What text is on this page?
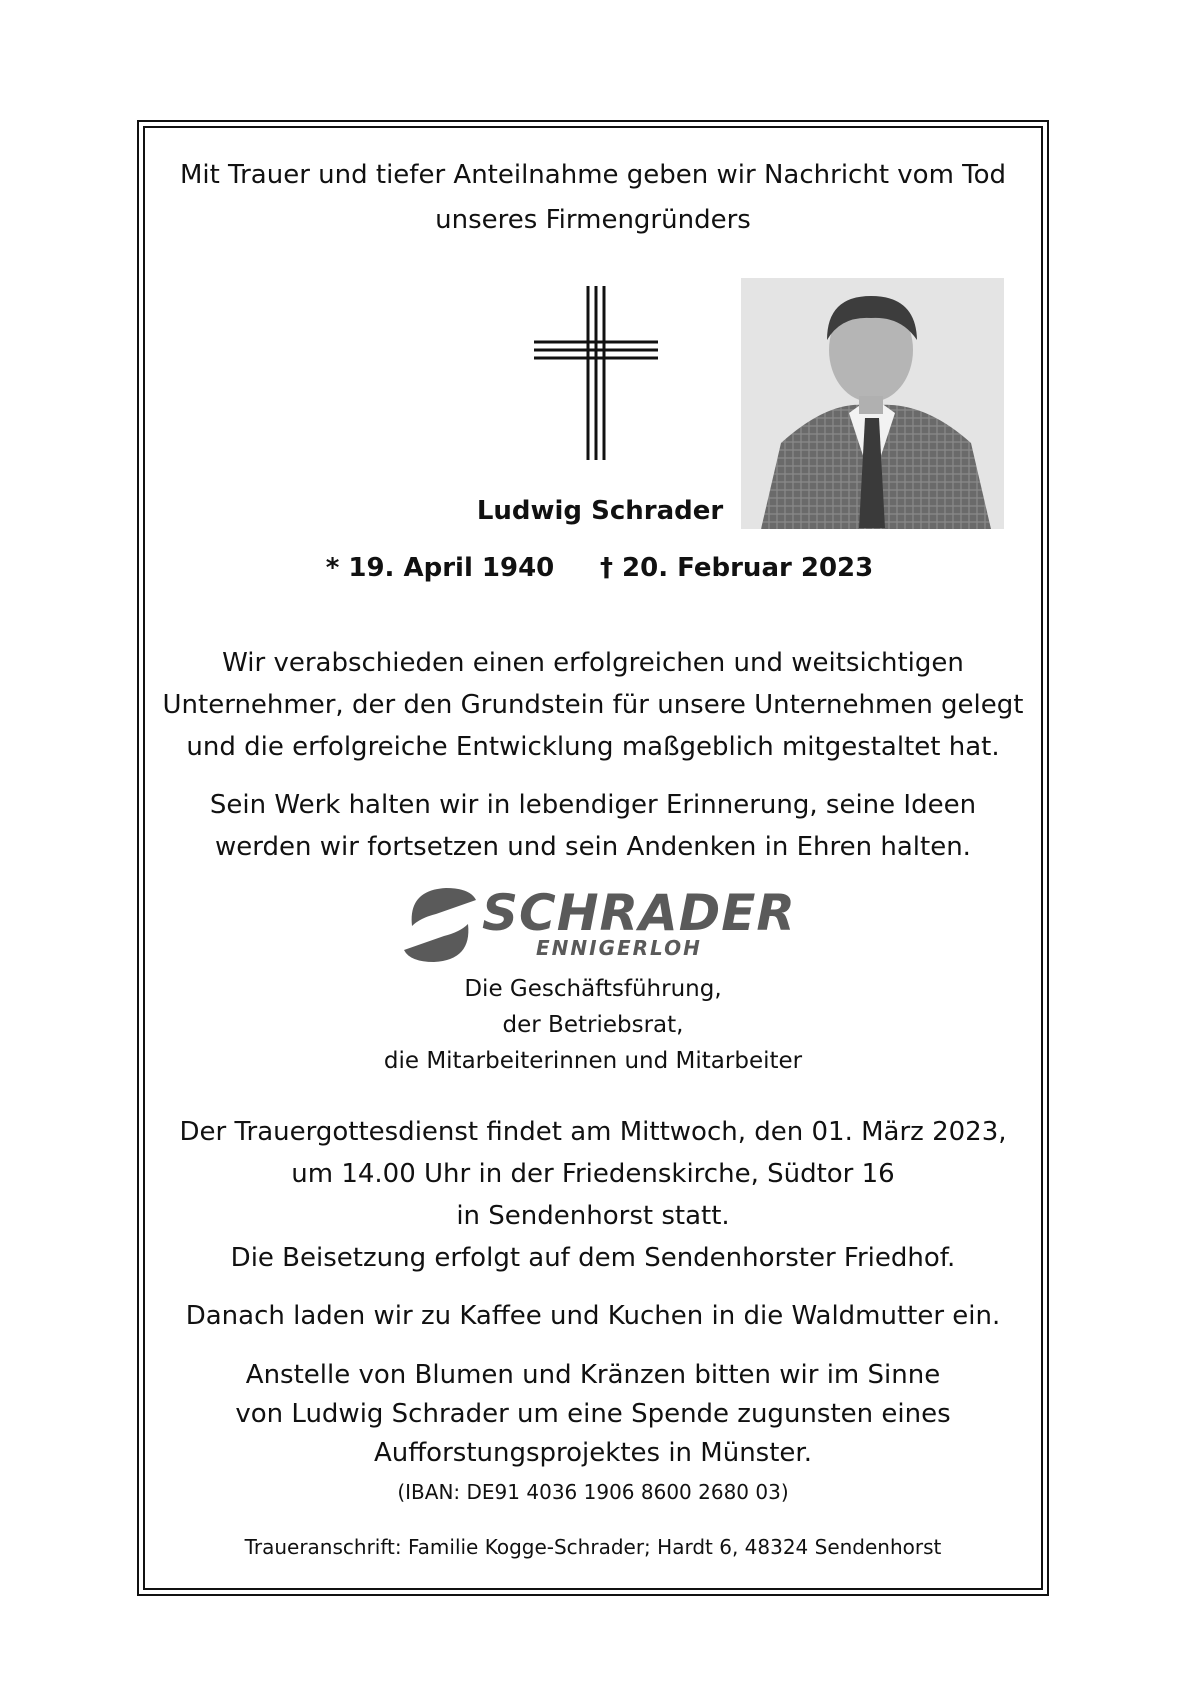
Mit Trauer und tiefer Anteilnahme geben wir Nachricht vom Tod
unseres Firmengründers
Ludwig Schrader
* 19. April 1940	† 20. Februar 2023
Wir verabschieden einen erfolgreichen und weitsichtigen
Unternehmer, der den Grundstein für unsere Unternehmen gelegt
und die erfolgreiche Entwicklung maßgeblich mitgestaltet hat.
Sein Werk halten wir in lebendiger Erinnerung, seine Ideen
werden wir fortsetzen und sein Andenken in Ehren halten.
SCHRADER
ENNIGERLOH
Die Geschäftsführung,
der Betriebsrat,
die Mitarbeiterinnen und Mitarbeiter
Der Trauergottesdienst findet am Mittwoch, den 01. März 2023,
um 14.00 Uhr in der Friedenskirche, Südtor 16
in Sendenhorst statt.
Die Beisetzung erfolgt auf dem Sendenhorster Friedhof.
Danach laden wir zu Kaffee und Kuchen in die Waldmutter ein.
Anstelle von Blumen und Kränzen bitten wir im Sinne
von Ludwig Schrader um eine Spende zugunsten eines
Aufforstungsprojektes in Münster.
(IBAN: DE91 4036 1906 8600 2680 03)
Traueranschrift: Familie Kogge-Schrader; Hardt 6, 48324 Sendenhorst
